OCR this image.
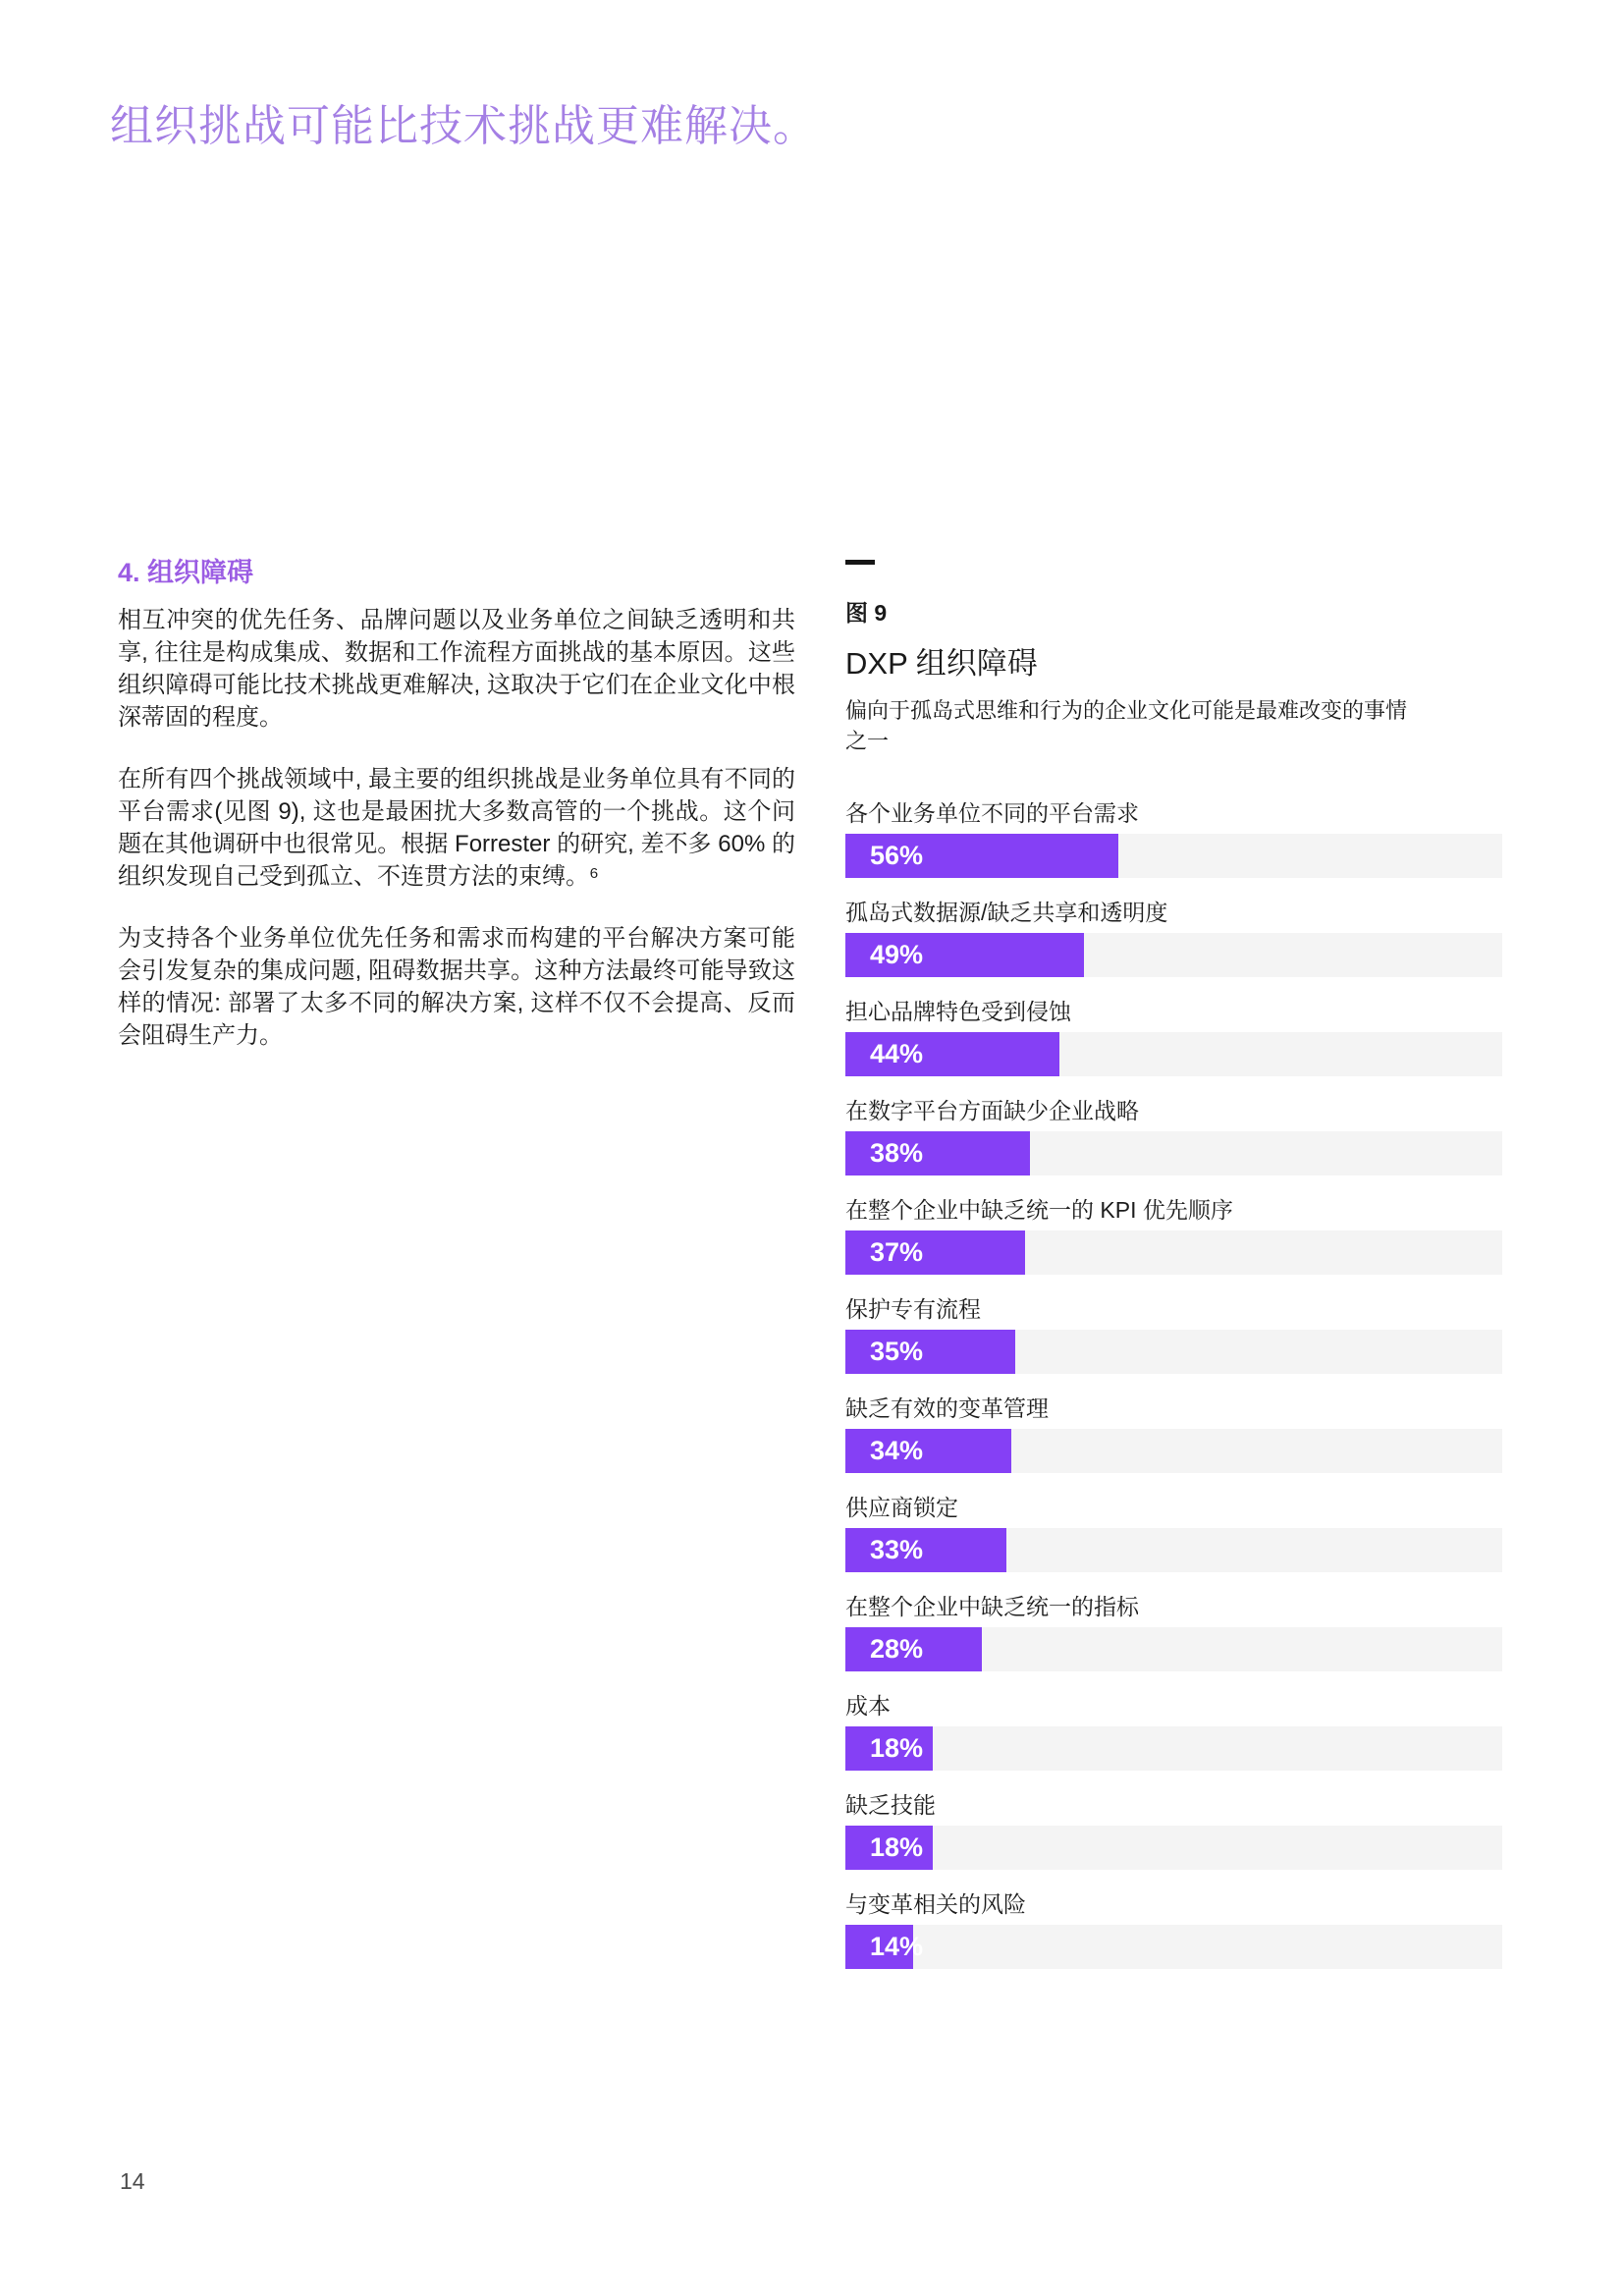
组织挑战可能比技术挑战更难解决。
4. 组织障碍

相互冲突的优先任务、品牌问题以及业务单位之间缺乏透明和共享, 往往是构成集成、数据和工作流程方面挑战的基本原因。这些组织障碍可能比技术挑战更难解决, 这取决于它们在企业文化中根深蒂固的程度。

在所有四个挑战领域中, 最主要的组织挑战是业务单位具有不同的平台需求(见图 9), 这也是最困扰大多数高管的一个挑战。这个问题在其他调研中也很常见。根据 Forrester 的研究, 差不多 60% 的组织发现自己受到孤立、不连贯方法的束缚。⁶

为支持各个业务单位优先任务和需求而构建的平台解决方案可能会引发复杂的集成问题, 阻碍数据共享。这种方法最终可能导致这样的情况: 部署了太多不同的解决方案, 这样不仅不会提高、反而会阻碍生产力。

图 9
DXP 组织障碍
偏向于孤岛式思维和行为的企业文化可能是最难改变的事情之一
各个业务单位不同的平台需求
56%
孤岛式数据源/缺乏共享和透明度
49%
担心品牌特色受到侵蚀
44%
在数字平台方面缺少企业战略
38%
在整个企业中缺乏统一的 KPI 优先顺序
37%
保护专有流程
35%
缺乏有效的变革管理
34%
供应商锁定
33%
在整个企业中缺乏统一的指标
28%
成本
18%
缺乏技能
18%
与变革相关的风险
14%
14
